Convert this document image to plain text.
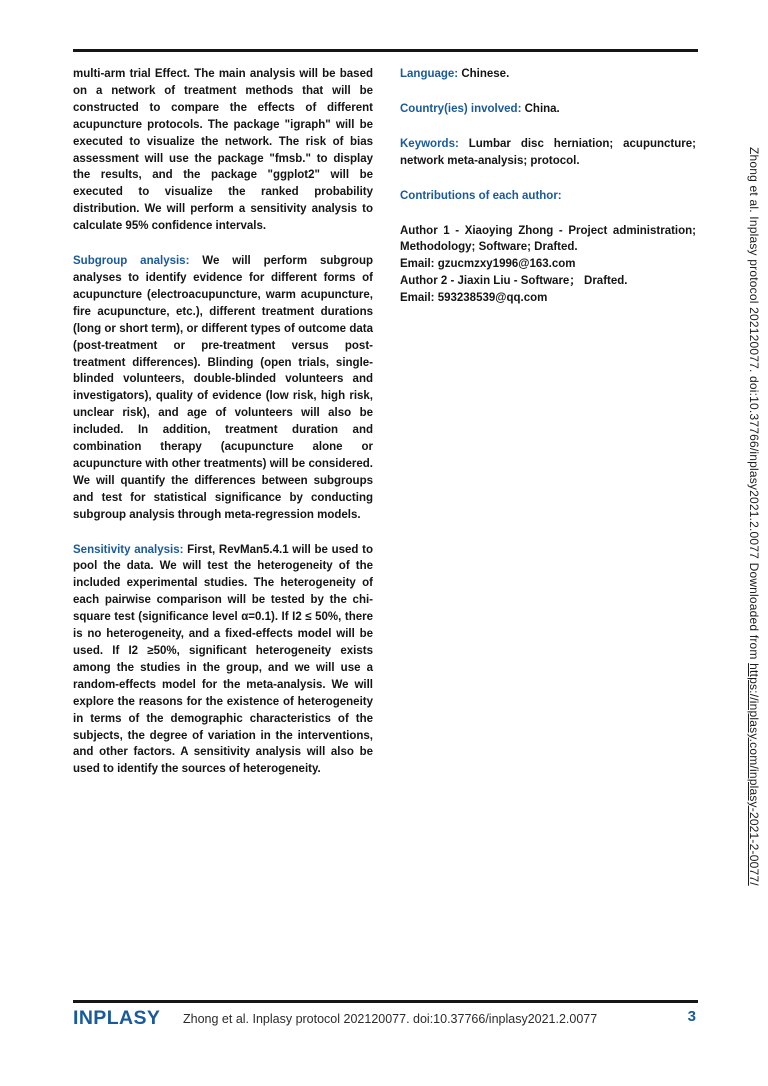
multi-arm trial Effect. The main analysis will be based on a network of treatment methods that will be constructed to compare the effects of different acupuncture protocols. The package "igraph" will be executed to visualize the network. The risk of bias assessment will use the package "fmsb." to display the results, and the package "ggplot2" will be executed to visualize the ranked probability distribution. We will perform a sensitivity analysis to calculate 95% confidence intervals.

Subgroup analysis: We will perform subgroup analyses to identify evidence for different forms of acupuncture (electroacupuncture, warm acupuncture, fire acupuncture, etc.), different treatment durations (long or short term), or different types of outcome data (post-treatment or pre-treatment versus post-treatment differences). Blinding (open trials, single-blinded volunteers, double-blinded volunteers and investigators), quality of evidence (low risk, high risk, unclear risk), and age of volunteers will also be included. In addition, treatment duration and combination therapy (acupuncture alone or acupuncture with other treatments) will be considered. We will quantify the differences between subgroups and test for statistical significance by conducting subgroup analysis through meta-regression models.

Sensitivity analysis: First, RevMan5.4.1 will be used to pool the data. We will test the heterogeneity of the included experimental studies. The heterogeneity of each pairwise comparison will be tested by the chi-square test (significance level α=0.1). If I2 ≤ 50%, there is no heterogeneity, and a fixed-effects model will be used. If I2 ≥50%, significant heterogeneity exists among the studies in the group, and we will use a random-effects model for the meta-analysis. We will explore the reasons for the existence of heterogeneity in terms of the demographic characteristics of the subjects, the degree of variation in the interventions, and other factors. A sensitivity analysis will also be used to identify the sources of heterogeneity.

Language: Chinese.

Country(ies) involved: China.

Keywords: Lumbar disc herniation; acupuncture; network meta-analysis; protocol.

Contributions of each author:

Author 1 - Xiaoying Zhong - Project administration; Methodology; Software; Drafted.

Email: gzucmzxy1996@163.com

Author 2 - Jiaxin Liu - Software； Drafted.

Email: 593238539@qq.com	Zhong et al. Inplasy protocol 202120077. doi:10.37766/inplasy2021.2.0077 Downloaded from https://inplasy.com/inplasy-2021-2-0077/
INPLASY Zhong et al. Inplasy protocol 202120077. doi:10.37766/inplasy2021.2.0077	3
